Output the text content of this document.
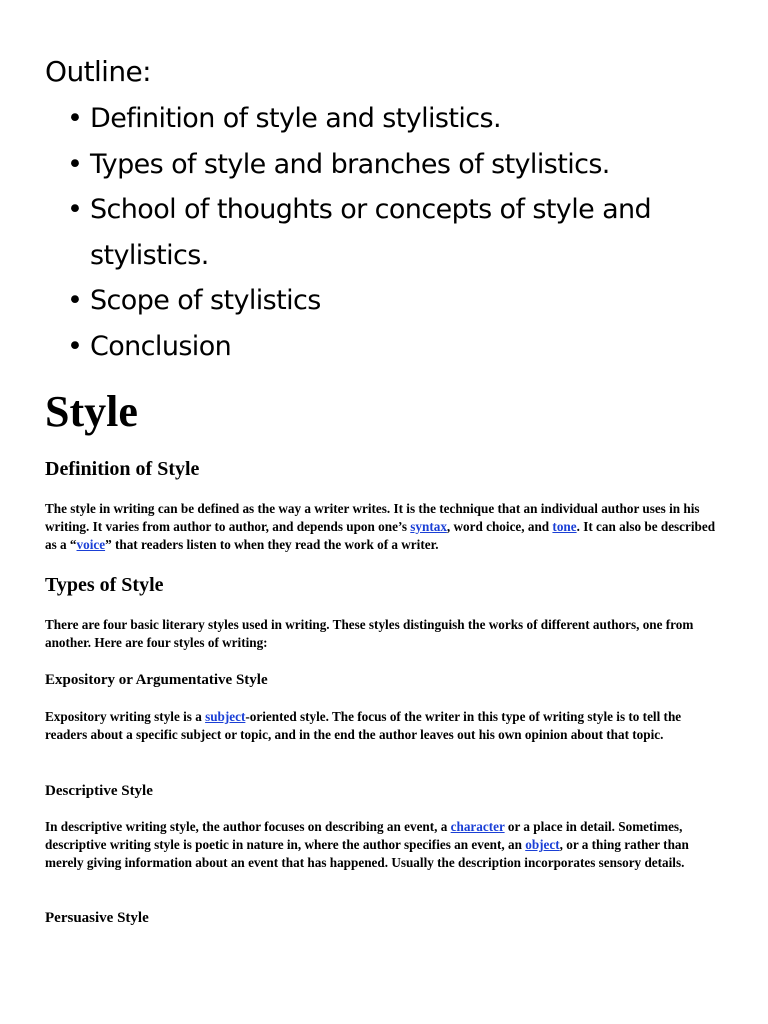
Outline:
• Definition of style and stylistics.
• Types of style and branches of stylistics.
• School of thoughts or concepts of style and stylistics.
• Scope of stylistics
• Conclusion
Style
Definition of Style

The style in writing can be defined as the way a writer writes. It is the technique that an individual author uses in his writing. It varies from author to author, and depends upon one’s syntax, word choice, and tone. It can also be described as a “voice” that readers listen to when they read the work of a writer.

Types of Style

There are four basic literary styles used in writing. These styles distinguish the works of different authors, one from another. Here are four styles of writing:

Expository or Argumentative Style

Expository writing style is a subject-oriented style. The focus of the writer in this type of writing style is to tell the readers about a specific subject or topic, and in the end the author leaves out his own opinion about that topic.

Descriptive Style

In descriptive writing style, the author focuses on describing an event, a character or a place in detail. Sometimes, descriptive writing style is poetic in nature in, where the author specifies an event, an object, or a thing rather than merely giving information about an event that has happened. Usually the description incorporates sensory details.

Persuasive Style
